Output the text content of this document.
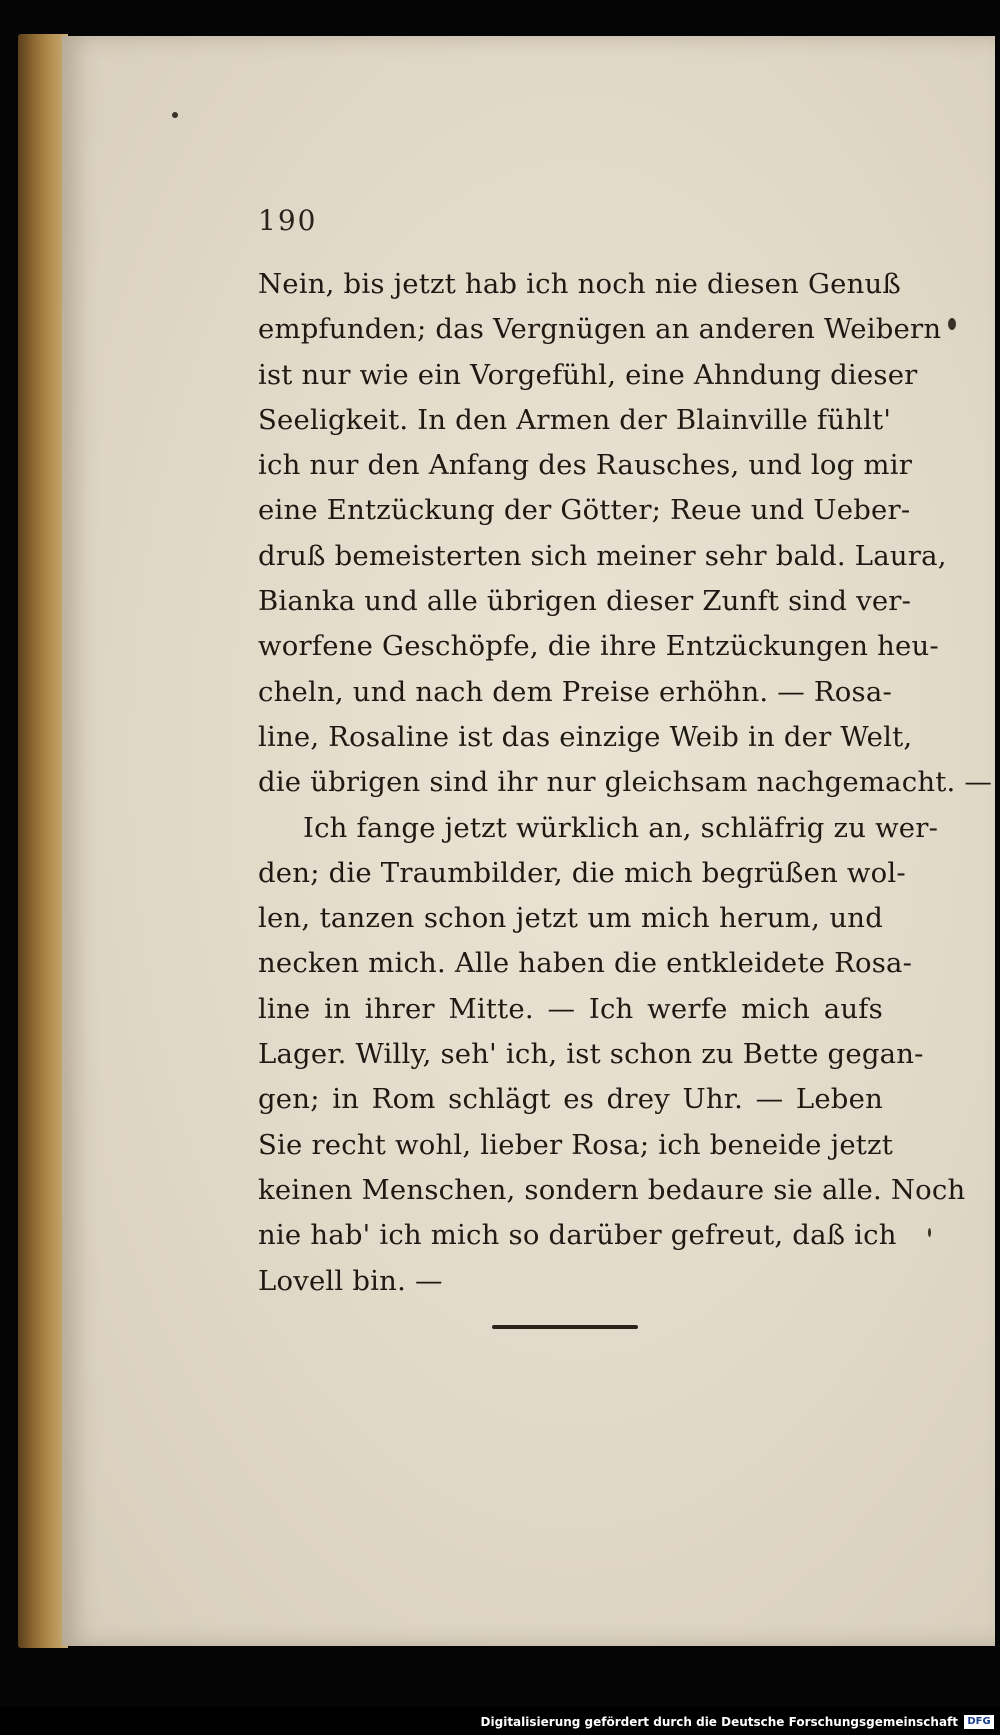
190
Nein, bis jetzt hab ich noch nie diesen Genuß
empfunden; das Vergnügen an anderen Weibern
ist nur wie ein Vorgefühl, eine Ahndung dieser
Seeligkeit. In den Armen der Blainville fühlt'
ich nur den Anfang des Rausches, und log mir
eine Entzückung der Götter; Reue und Ueber-
druß bemeisterten sich meiner sehr bald. Laura,
Bianka und alle übrigen dieser Zunft sind ver-
worfene Geschöpfe, die ihre Entzückungen heu-
cheln, und nach dem Preise erhöhn. — Rosa-
line, Rosaline ist das einzige Weib in der Welt,
die übrigen sind ihr nur gleichsam nachgemacht. —
Ich fange jetzt würklich an, schläfrig zu wer-
den; die Traumbilder, die mich begrüßen wol-
len, tanzen schon jetzt um mich herum, und
necken mich. Alle haben die entkleidete Rosa-
line in ihrer Mitte. — Ich werfe mich aufs
Lager. Willy, seh' ich, ist schon zu Bette gegan-
gen; in Rom schlägt es drey Uhr. — Leben
Sie recht wohl, lieber Rosa; ich beneide jetzt
keinen Menschen, sondern bedaure sie alle. Noch
nie hab' ich mich so darüber gefreut, daß ich
Lovell bin. —
Digitalisierung gefördert durch die Deutsche Forschungsgemeinschaft DFG
